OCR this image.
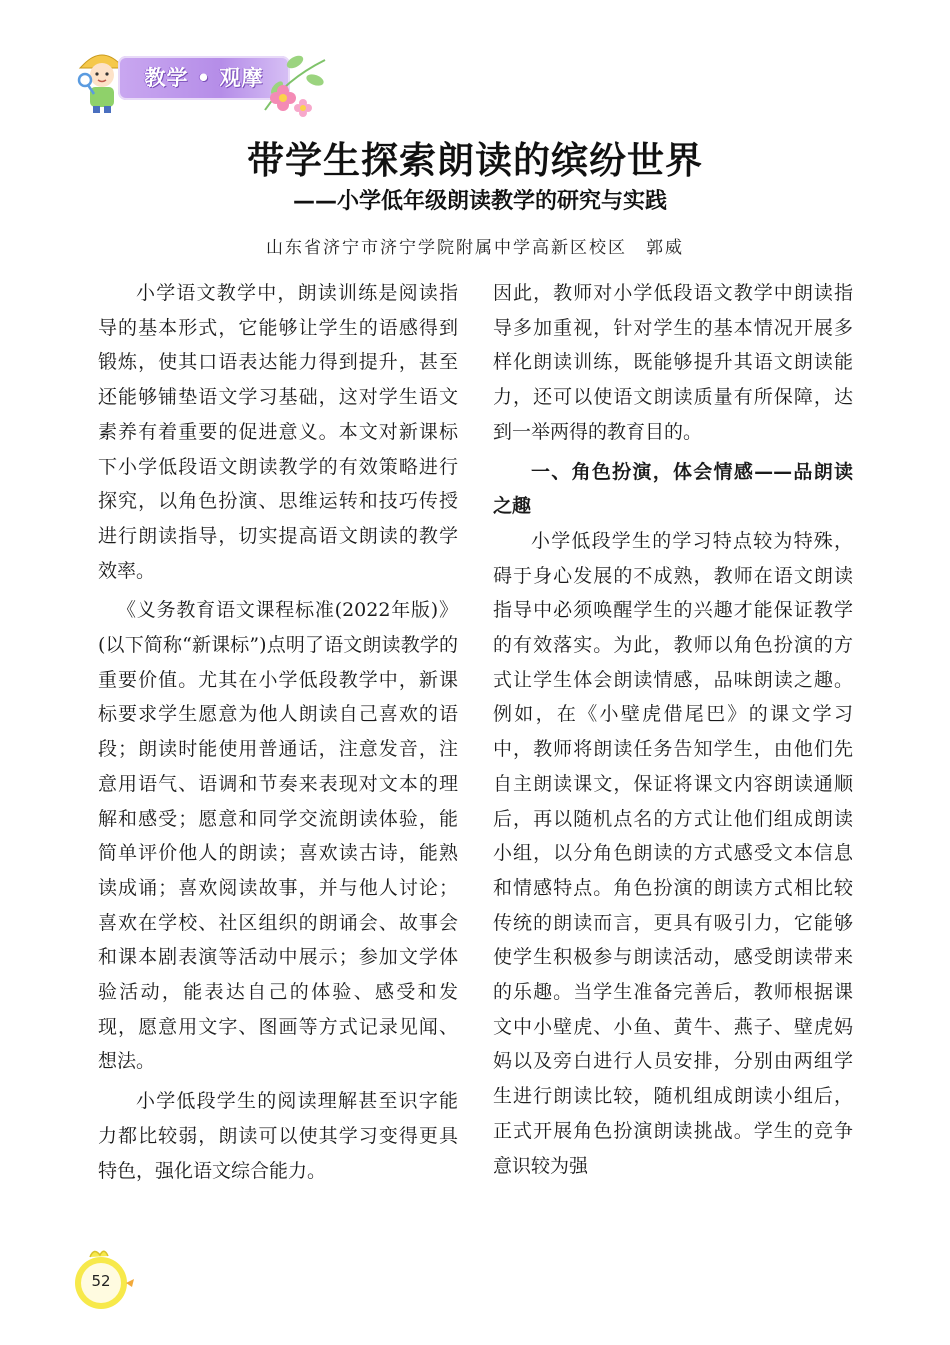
教学 • 观摩
带学生探索朗读的缤纷世界
——小学低年级朗读教学的研究与实践
山东省济宁市济宁学院附属中学高新区校区　郭威

小学语文教学中，朗读训练是阅读指导的基本形式，它能够让学生的语感得到锻炼，使其口语表达能力得到提升，甚至还能够铺垫语文学习基础，这对学生语文素养有着重要的促进意义。本文对新课标下小学低段语文朗读教学的有效策略进行探究，以角色扮演、思维运转和技巧传授进行朗读指导，切实提高语文朗读的教学效率。

《义务教育语文课程标准(2022年版)》(以下简称“新课标”)点明了语文朗读教学的重要价值。尤其在小学低段教学中，新课标要求学生愿意为他人朗读自己喜欢的语段；朗读时能使用普通话，注意发音，注意用语气、语调和节奏来表现对文本的理解和感受；愿意和同学交流朗读体验，能简单评价他人的朗读；喜欢读古诗，能熟读成诵；喜欢阅读故事，并与他人讨论；喜欢在学校、社区组织的朗诵会、故事会和课本剧表演等活动中展示；参加文学体验活动，能表达自己的体验、感受和发现，愿意用文字、图画等方式记录见闻、想法。

小学低段学生的阅读理解甚至识字能力都比较弱，朗读可以使其学习变得更具特色，强化语文综合能力。

因此，教师对小学低段语文教学中朗读指导多加重视，针对学生的基本情况开展多样化朗读训练，既能够提升其语文朗读能力，还可以使语文朗读质量有所保障，达到一举两得的教育目的。

一、角色扮演，体会情感——品朗读之趣

小学低段学生的学习特点较为特殊，碍于身心发展的不成熟，教师在语文朗读指导中必须唤醒学生的兴趣才能保证教学的有效落实。为此，教师以角色扮演的方式让学生体会朗读情感，品味朗读之趣。例如，在《小壁虎借尾巴》的课文学习中，教师将朗读任务告知学生，由他们先自主朗读课文，保证将课文内容朗读通顺后，再以随机点名的方式让他们组成朗读小组，以分角色朗读的方式感受文本信息和情感特点。角色扮演的朗读方式相比较传统的朗读而言，更具有吸引力，它能够使学生积极参与朗读活动，感受朗读带来的乐趣。当学生准备完善后，教师根据课文中小壁虎、小鱼、黄牛、燕子、壁虎妈妈以及旁白进行人员安排，分别由两组学生进行朗读比较，随机组成朗读小组后，正式开展角色扮演朗读挑战。学生的竞争意识较为强

52
